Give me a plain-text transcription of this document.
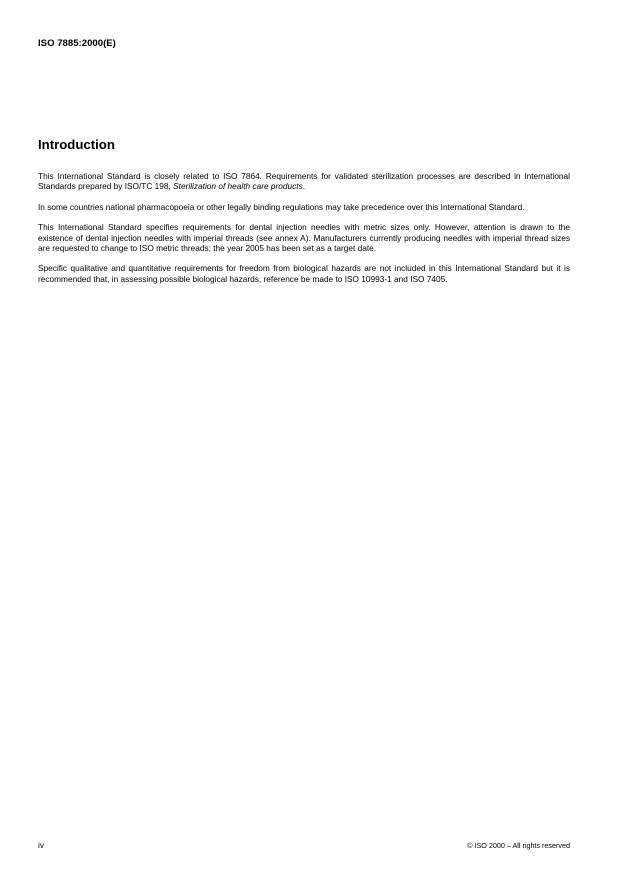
ISO 7885:2000(E)
Introduction

This International Standard is closely related to ISO 7864. Requirements for validated sterilization processes are described in International Standards prepared by ISO/TC 198, Sterilization of health care products.

In some countries national pharmacopoeia or other legally binding regulations may take precedence over this International Standard.

This International Standard specifies requirements for dental injection needles with metric sizes only. However, attention is drawn to the existence of dental injection needles with imperial threads (see annex A). Manufacturers currently producing needles with imperial thread sizes are requested to change to ISO metric threads; the year 2005 has been set as a target date.

Specific qualitative and quantitative requirements for freedom from biological hazards are not included in this International Standard but it is recommended that, in assessing possible biological hazards, reference be made to ISO 10993-1 and ISO 7405.

iv	© ISO 2000 – All rights reserved
